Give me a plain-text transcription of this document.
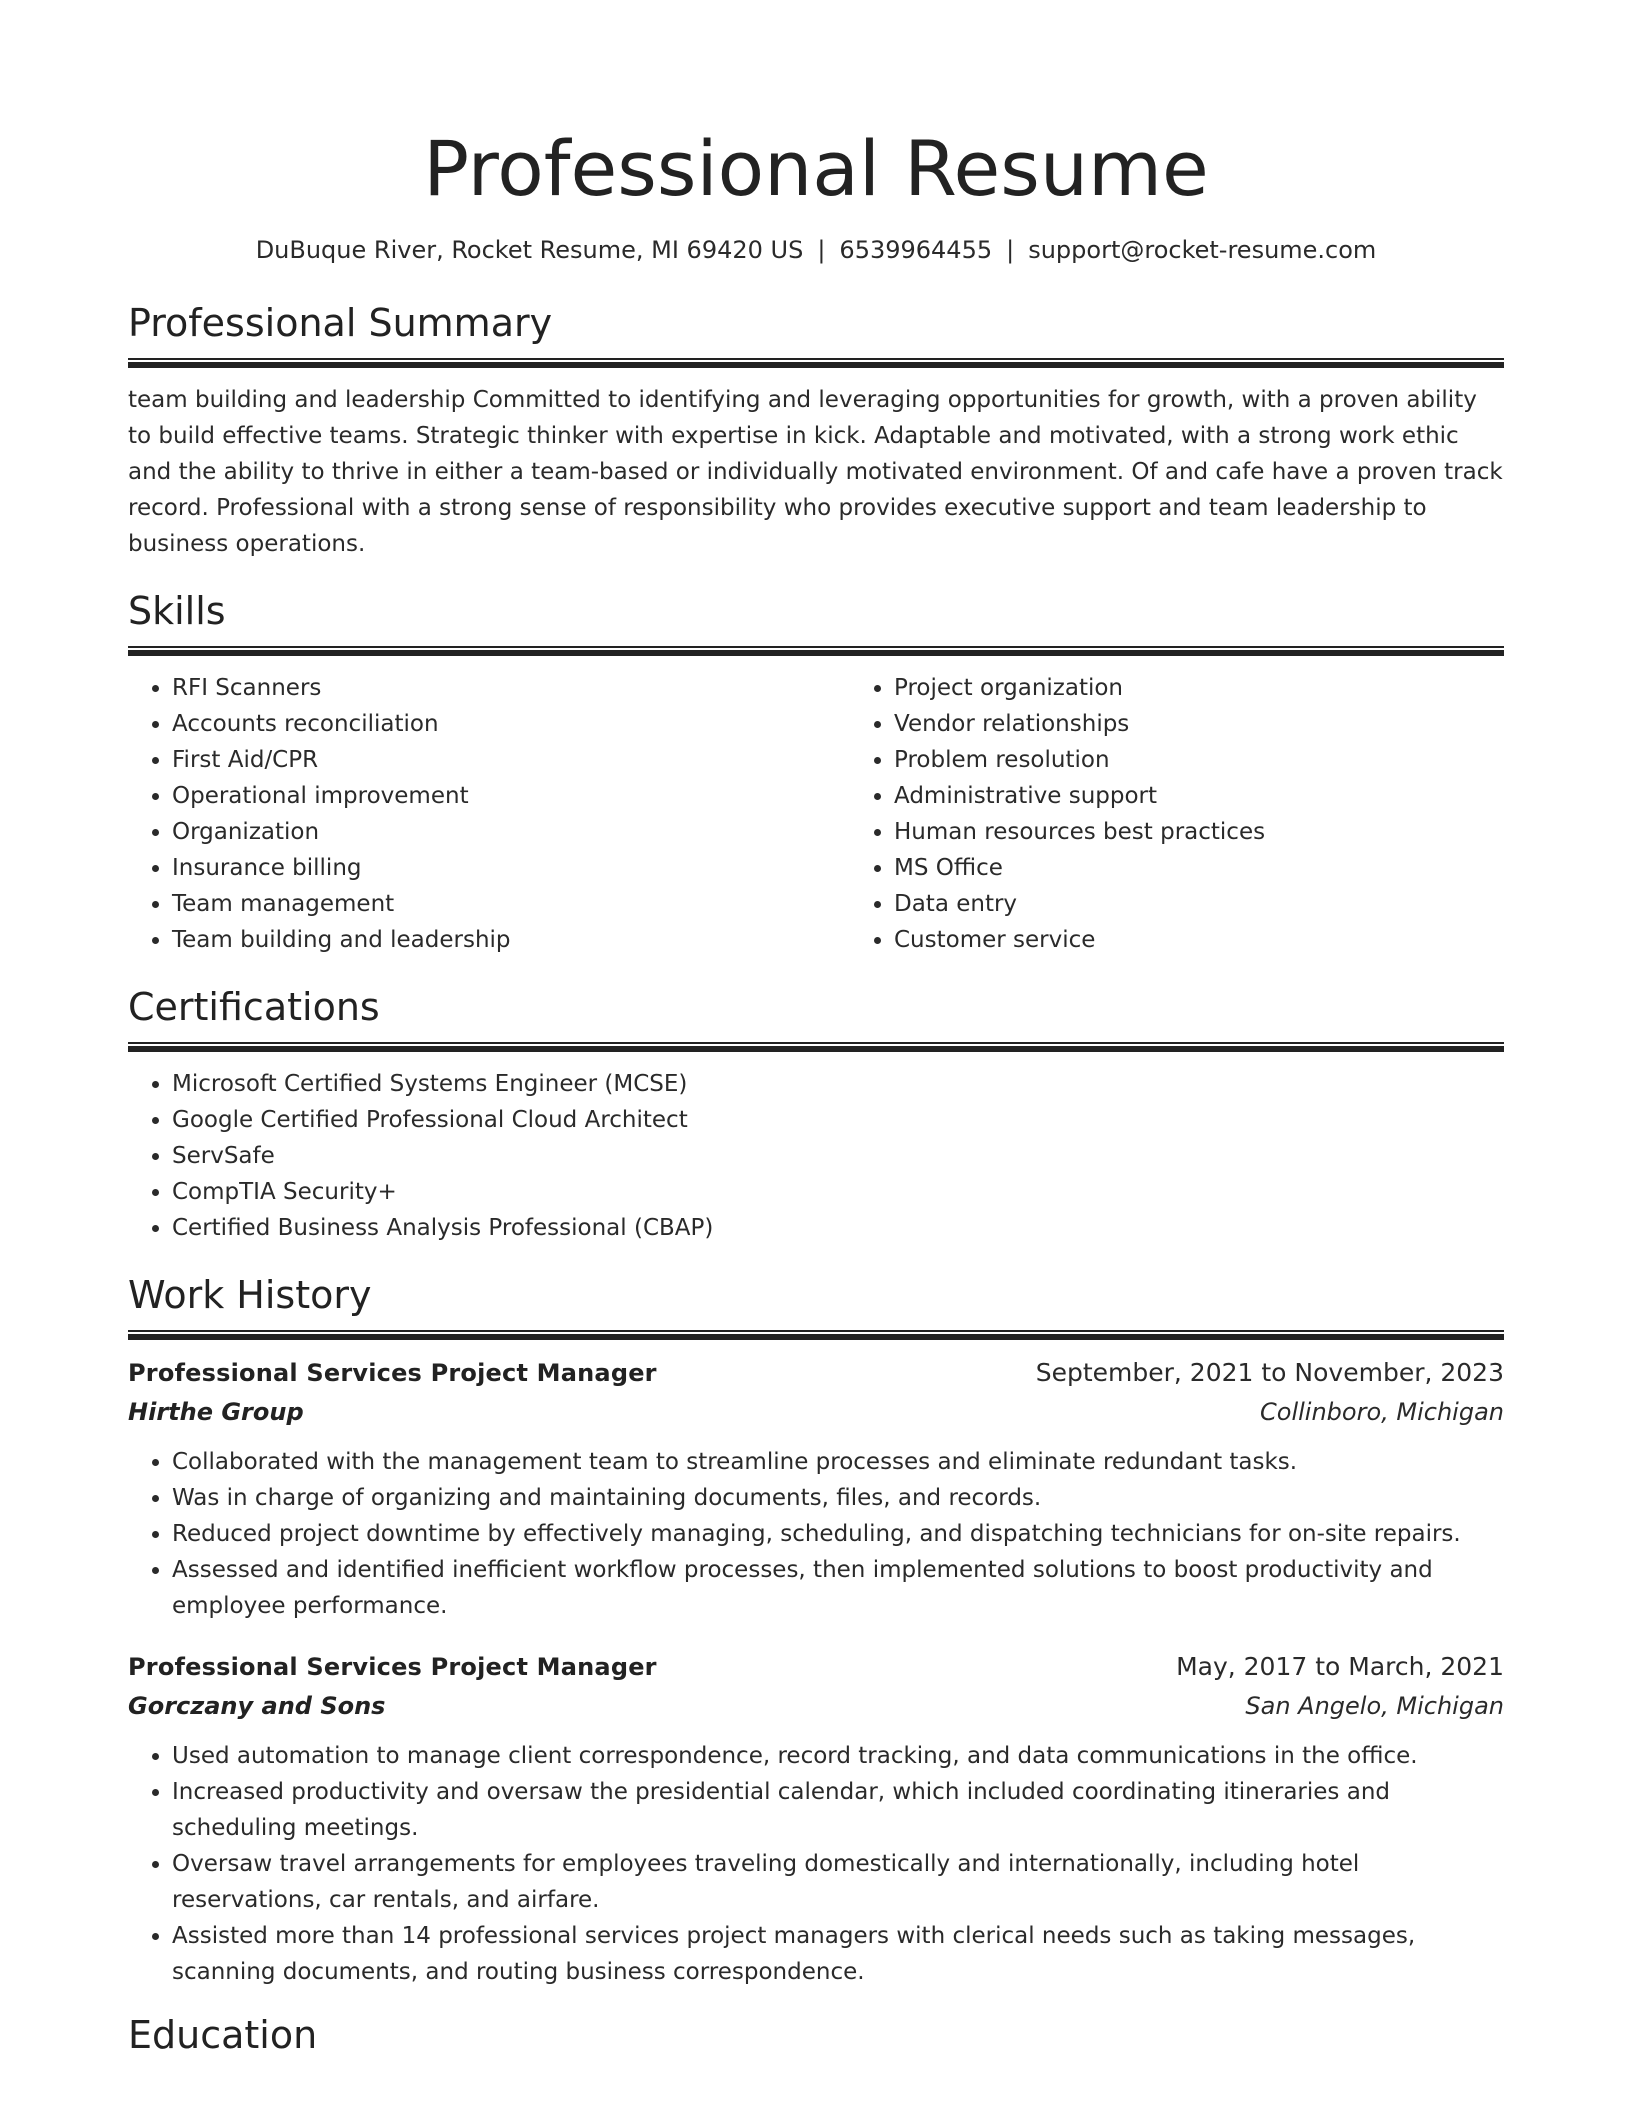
Professional Resume
DuBuque River, Rocket Resume, MI 69420 US | 6539964455 | support@rocket-resume.com
Professional Summary

team building and leadership Committed to identifying and leveraging opportunities for growth, with a proven ability to build effective teams. Strategic thinker with expertise in kick. Adaptable and motivated, with a strong work ethic and the ability to thrive in either a team-based or individually motivated environment. Of and cafe have a proven track record. Professional with a strong sense of responsibility who provides executive support and team leadership to business operations.

Skills
• RFI Scanners
• Accounts reconciliation
• First Aid/CPR
• Operational improvement
• Organization
• Insurance billing
• Team management
• Team building and leadership
• Project organization
• Vendor relationships
• Problem resolution
• Administrative support
• Human resources best practices
• MS Office
• Data entry
• Customer service
Certifications
• Microsoft Certified Systems Engineer (MCSE)
• Google Certified Professional Cloud Architect
• ServSafe
• CompTIA Security+
• Certified Business Analysis Professional (CBAP)
Work History
Professional Services Project Manager	September, 2021 to November, 2023
Hirthe Group	Collinboro, Michigan
• Collaborated with the management team to streamline processes and eliminate redundant tasks.
• Was in charge of organizing and maintaining documents, files, and records.
• Reduced project downtime by effectively managing, scheduling, and dispatching technicians for on-site repairs.
• Assessed and identified inefficient workflow processes, then implemented solutions to boost productivity and employee performance.
Professional Services Project Manager	May, 2017 to March, 2021
Gorczany and Sons	San Angelo, Michigan
• Used automation to manage client correspondence, record tracking, and data communications in the office.
• Increased productivity and oversaw the presidential calendar, which included coordinating itineraries and scheduling meetings.
• Oversaw travel arrangements for employees traveling domestically and internationally, including hotel reservations, car rentals, and airfare.
• Assisted more than 14 professional services project managers with clerical needs such as taking messages, scanning documents, and routing business correspondence.
Education
